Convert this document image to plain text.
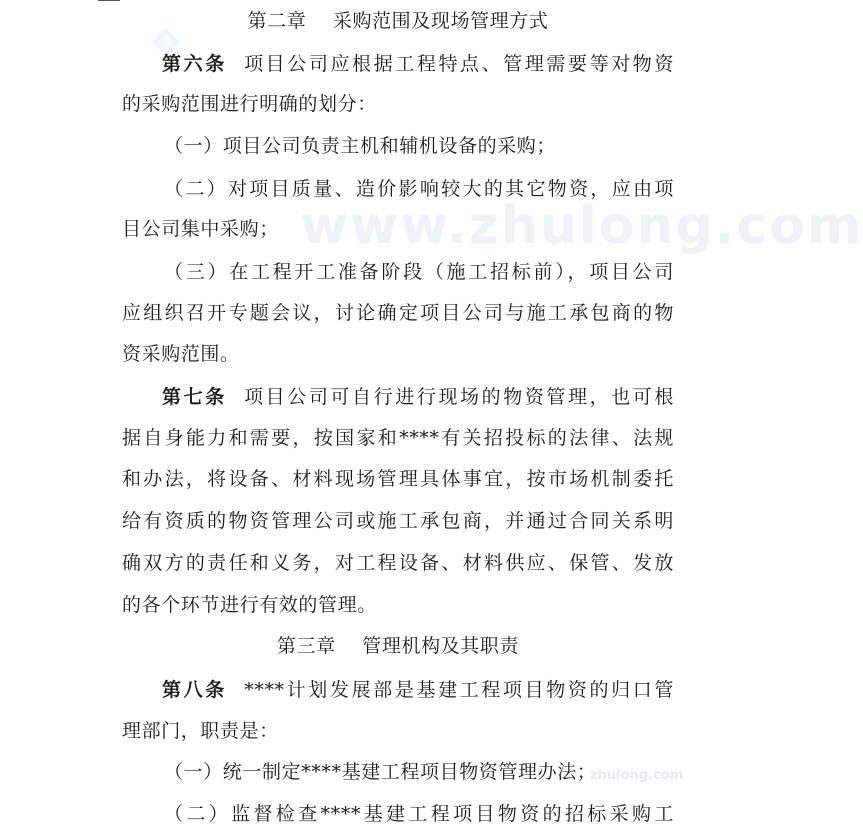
www.zhulong.com
zhulong.com
第二章    采购范围及现场管理方式
第六条 项目公司应根据工程特点、管理需要等对物资
的采购范围进行明确的划分：
（一）项目公司负责主机和辅机设备的采购；
（二）对项目质量、造价影响较大的其它物资，应由项
目公司集中采购；
（三）在工程开工准备阶段（施工招标前），项目公司
应组织召开专题会议，讨论确定项目公司与施工承包商的物
资采购范围。
第七条 项目公司可自行进行现场的物资管理，也可根
据自身能力和需要，按国家和****有关招投标的法律、法规
和办法，将设备、材料现场管理具体事宜，按市场机制委托
给有资质的物资管理公司或施工承包商，并通过合同关系明
确双方的责任和义务，对工程设备、材料供应、保管、发放
的各个环节进行有效的管理。
第三章    管理机构及其职责
第八条 ****计划发展部是基建工程项目物资的归口管
理部门，职责是：
（一）统一制定****基建工程项目物资管理办法；
（二）监督检查****基建工程项目物资的招标采购工
